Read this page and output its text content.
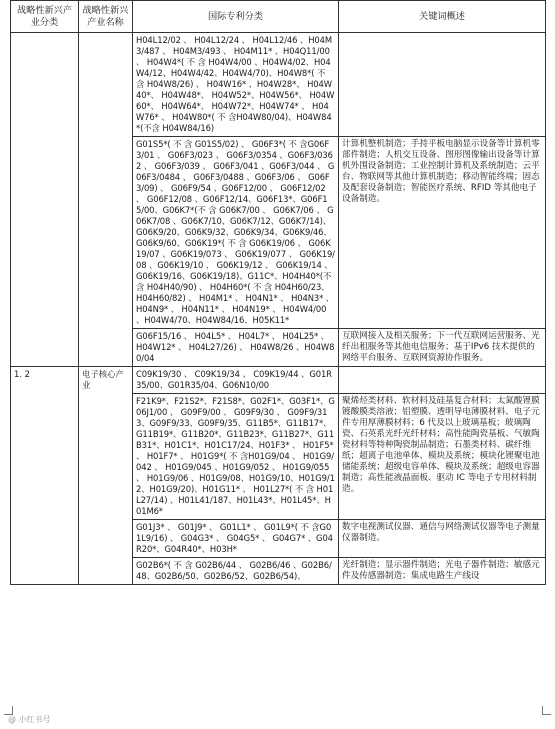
战略性新兴产业分类	战略性新兴产业名称	国际专利分类	关键词概述
		H04L12/02 、 H04L12/24 、 H04L12/46 、H04M3/487 、 H04M3/493 、 H04M11* 、H04Q11/00 、 H04W4*( 不 含 H04W4/00 、H04W4/02、H04W4/12、H04W4/42、H04W4/70)、H04W8*( 不 含 H04W8/26) 、 H04W16* 、H04W28*、 H04W40*、 H04W48*、 H04W52*、H04W56*、 H04W60*、 H04W64*、 H04W72*、H04W74* 、 H04W76* 、 H04W80*( 不 含H04W80/04)、H04W84*(不含 H04W84/16)	
		G01S5*( 不 含 G01S5/02) 、 G06F3*( 不 含G06F3/01 、 G06F3/023 、 G06F3/0354 、G06F3/0362 、 G06F3/039 、 G06F3/041 、G06F3/044 、 G06F3/0484 、 G06F3/0488 、G06F3/06 、 G06F3/09) 、 G06F9/54 、G06F12/00 、 G06F12/02 、 G06F12/08 、G06F12/14、G06F13*、G06F15/00、G06K7*(不 含 G06K7/00 、 G06K7/06 、 G06K7/08 、G06K7/10、G06K7/12、G06K7/14)、G06K9/20、G06K9/32、G06K9/34、G06K9/46、G06K9/60、G06K19*( 不 含 G06K19/06 、 G06K19/07 、G06K19/073 、 G06K19/077 、 G06K19/08 、G06K19/10 、 G06K19/12 、 G06K19/14 、G06K19/16、G06K19/18)、G11C*、H04H40*(不 含 H04H40/90) 、 H04H60*( 不 含 H04H60/23、H04H60/82) 、 H04M1* 、 H04N1* 、 H04N3* 、H04N9* 、 H04N11* 、 H04N19* 、 H04W4/00 、H04W4/70、H04W84/16、H05K11*	计算机整机制造；手持平板电脑显示设备等计算机零部件制造；人机交互设备、图形图像输出设备等计算机外围设备制造；工业控制计算机及系统制造；云平台、物联网等其他计算机制造；移动智能终端；固态及配套设备制造；智能医疗系统、RFID 等其他电子设备制造。
		G06F15/16 、 H04L5* 、 H04L7* 、 H04L25* 、H04W12* 、 H04L27/26) 、 H04W8/26 、H04W80/04	互联网接入及相关服务；下一代互联网运营服务、光纤出租服务等其他电信服务；基于IPv6 技术提供的网络平台服务、互联网资源协作服务。
1. 2	电子核心产业	C09K19/30 、 C09K19/34 、 C09K19/44 、G01R35/00、G01R35/04、G06N10/00	
		F21K9*、F21S2*、F21S8*、G02F1*、G03F1*、G06J1/00 、 G09F9/00 、 G09F9/30 、 G09F9/313、G09F9/33、G09F9/35、G11B5*、G11B17*、G11B19*、G11B20*、G11B23*、G11B27*、G11B31*、H01C1*、H01C17/24、H01F3* 、 H01F5* 、 H01F7* 、 H01G9*( 不 含H01G9/04 、 H01G9/042 、 H01G9/045 、H01G9/052 、 H01G9/055 、 H01G9/06 、H01G9/08、H01G9/10、H01G9/12、H01G9/20)、H01G11* 、 H01L27*( 不 含 H01L27/14) 、H01L41/187、H01L43*、H01L45*、H01M6*	聚烯烃类材料、软材料及硅基复合材料；太氮酸锂膜镀酸膜类溶液；铝塑膜、透明导电薄膜材料、电子元件专用厚薄膜材料；6 代及以上玻璃基板；玻璃陶瓷、石英系光纤光纤材料；高性能陶瓷基板、气敏陶瓷材料等特种陶瓷制品制造；石墨类材料、碳纤维纸；超离子电池单体、模块及系统；模块化锂聚电池储能系统；超级电容单体、模块及系统；超级电容器制造；高性能液晶面板、驱动 IC 等电子专用材料制造。
		G01J3* 、 G01J9* 、 G01L1* 、 G01L9*( 不 含G01L9/16) 、 G04G3* 、 G04G5* 、 G04G7* 、G04R20*、G04R40*、H03H*	数字电视测试仪器、通信与网络测试仪器等电子测量仪器制造。
		G02B6*( 不 含 G02B6/44 、 G02B6/46 、G02B6/48、G02B6/50、G02B6/52、G02B6/54)、	光纤制造；显示器件制造；光电子器件制造；敏感元件及传感器制造；集成电路生产线设
@ 小红书号
